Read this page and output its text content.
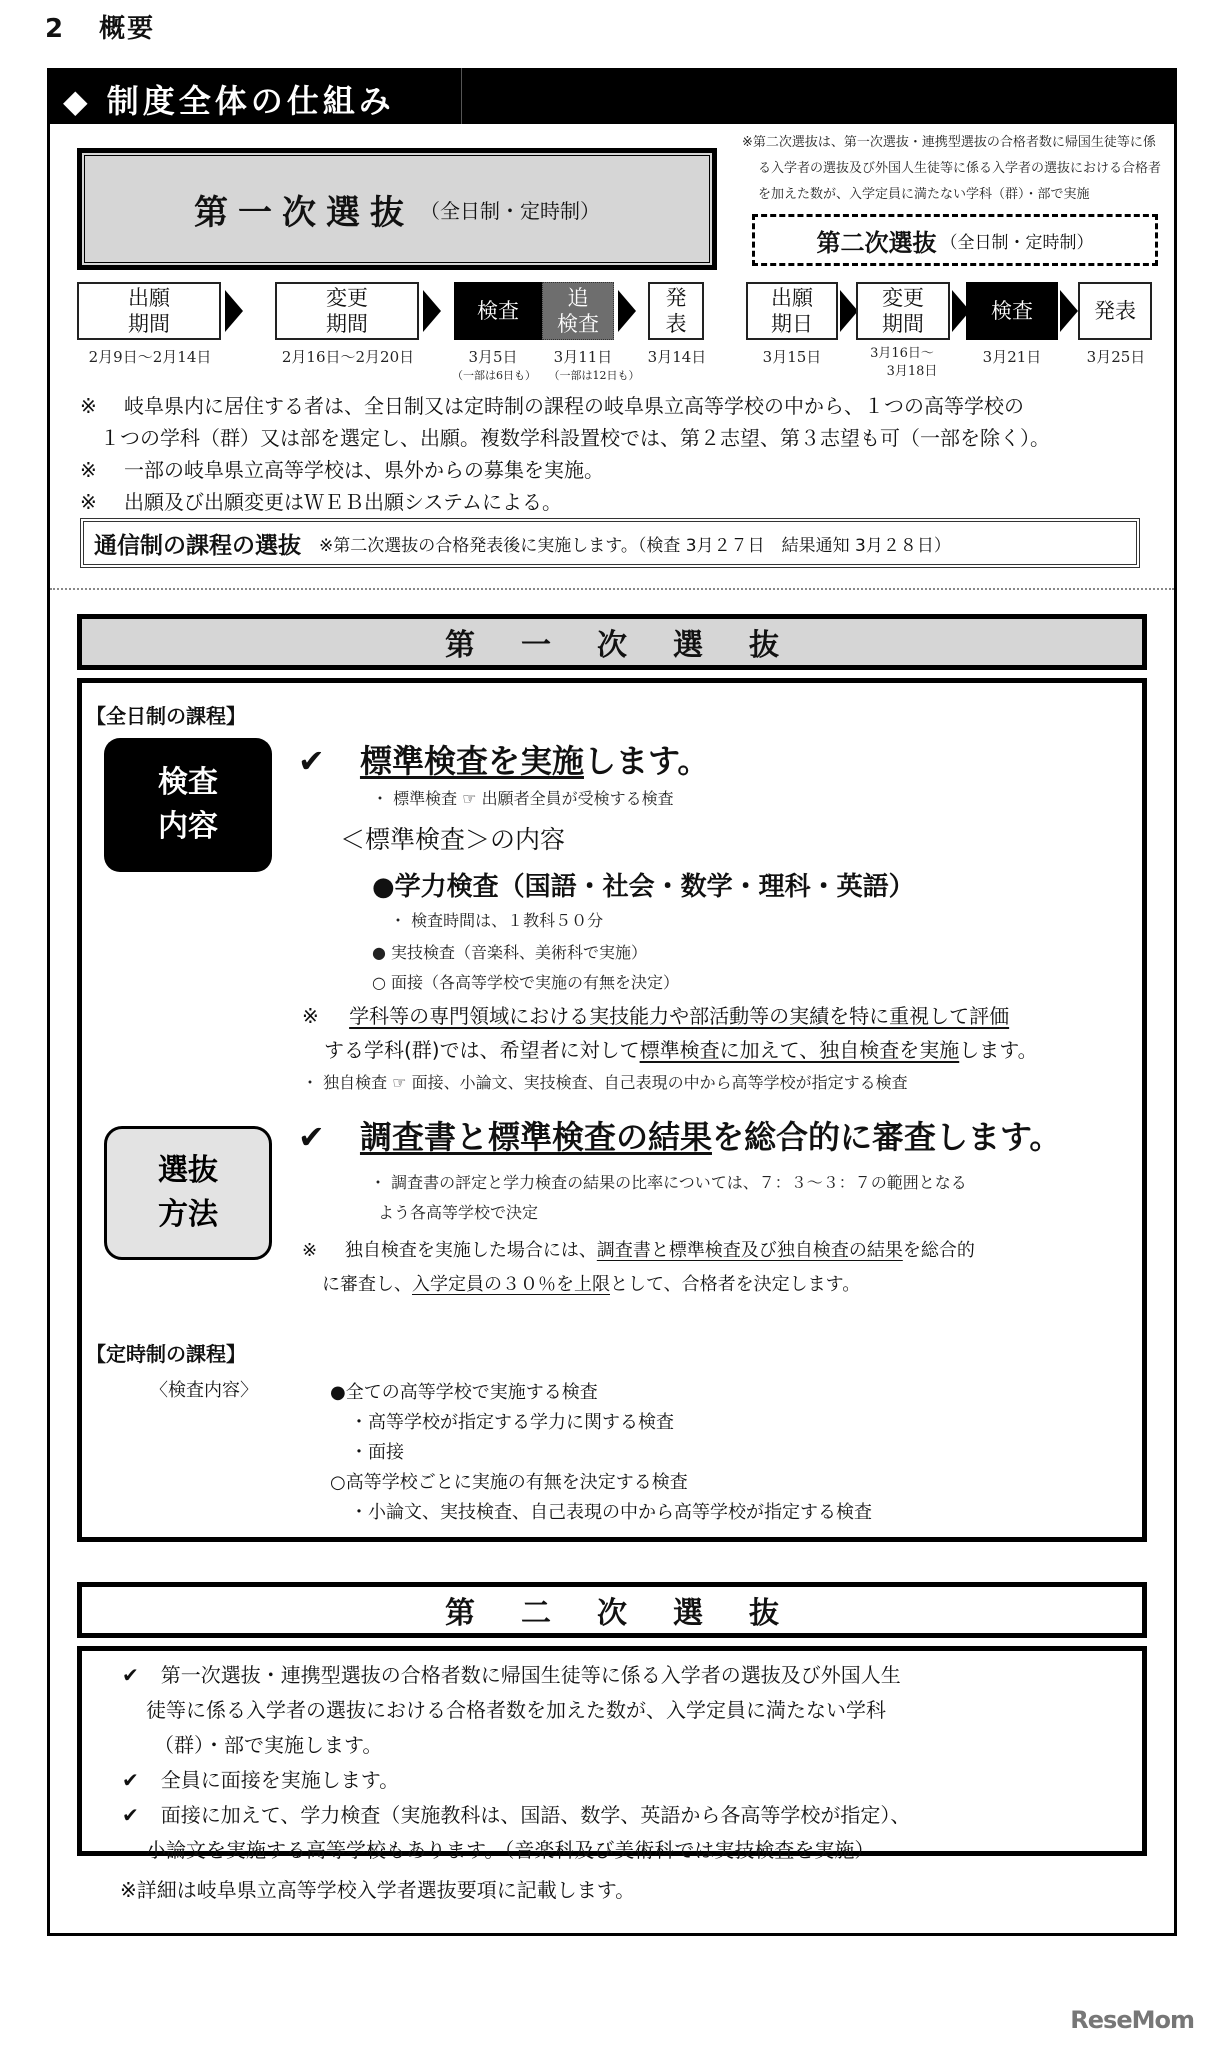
2 概要
◆ 制度全体の仕組み
第一次選抜 （全日制・定時制）
※第二次選抜は、第一次選抜・連携型選抜の合格者数に帰国生徒等に係
る入学者の選抜及び外国人生徒等に係る入学者の選抜における合格者
を加えた数が、入学定員に満たない学科（群）・部で実施
第二次選抜 （全日制・定時制）
出願
期間
2月9日～2月14日
変更
期間
2月16日～2月20日
検査
追
検査
3月5日
（一部は6日も）
3月11日
（一部は12日も）
発
表
3月14日
出願
期日
3月15日
変更
期間
3月16日～
3月18日
検査
3月21日
発表
3月25日
※	岐阜県内に居住する者は、全日制又は定時制の課程の岐阜県立高等学校の中から、１つの高等学校の
１つの学科（群）又は部を選定し、出願。複数学科設置校では、第２志望、第３志望も可（一部を除く）。
※	一部の岐阜県立高等学校は、県外からの募集を実施。
※	出願及び出願変更はＷＥＢ出願システムによる。
通信制の課程の選抜 ※第二次選抜の合格発表後に実施します。（検査 3月２７日　結果通知 3月２８日）
第一次選抜
【全日制の課程】
検査
内容
✔ 標準検査を実施します。
・ 標準検査 ☞ 出願者全員が受検する検査
＜標準検査＞の内容
●学力検査（国語・社会・数学・理科・英語）
・ 検査時間は、１教科５０分
● 実技検査（音楽科、美術科で実施）
○ 面接（各高等学校で実施の有無を決定）
※ 学科等の専門領域における実技能力や部活動等の実績を特に重視して評価
する学科(群)では、希望者に対して標準検査に加えて、独自検査を実施します。
・ 独自検査 ☞ 面接、小論文、実技検査、自己表現の中から高等学校が指定する検査
選抜
方法
✔ 調査書と標準検査の結果を総合的に審査します。
・ 調査書の評定と学力検査の結果の比率については、７：３～３：７の範囲となる
よう各高等学校で決定
※ 独自検査を実施した場合には、調査書と標準検査及び独自検査の結果を総合的
に審査し、入学定員の３０％を上限として、合格者を決定します。
【定時制の課程】
〈検査内容〉	●全ての高等学校で実施する検査
・高等学校が指定する学力に関する検査
・面接
○高等学校ごとに実施の有無を決定する検査
・小論文、実技検査、自己表現の中から高等学校が指定する検査
第二次選抜
✔ 第一次選抜・連携型選抜の合格者数に帰国生徒等に係る入学者の選抜及び外国人生
徒等に係る入学者の選抜における合格者数を加えた数が、入学定員に満たない学科
（群）・部で実施します。
✔ 全員に面接を実施します。
✔ 面接に加えて、学力検査（実施教科は、国語、数学、英語から各高等学校が指定）、
小論文を実施する高等学校もあります。（音楽科及び美術科では実技検査を実施）
※詳細は岐阜県立高等学校入学者選抜要項に記載します。
ReseMom
